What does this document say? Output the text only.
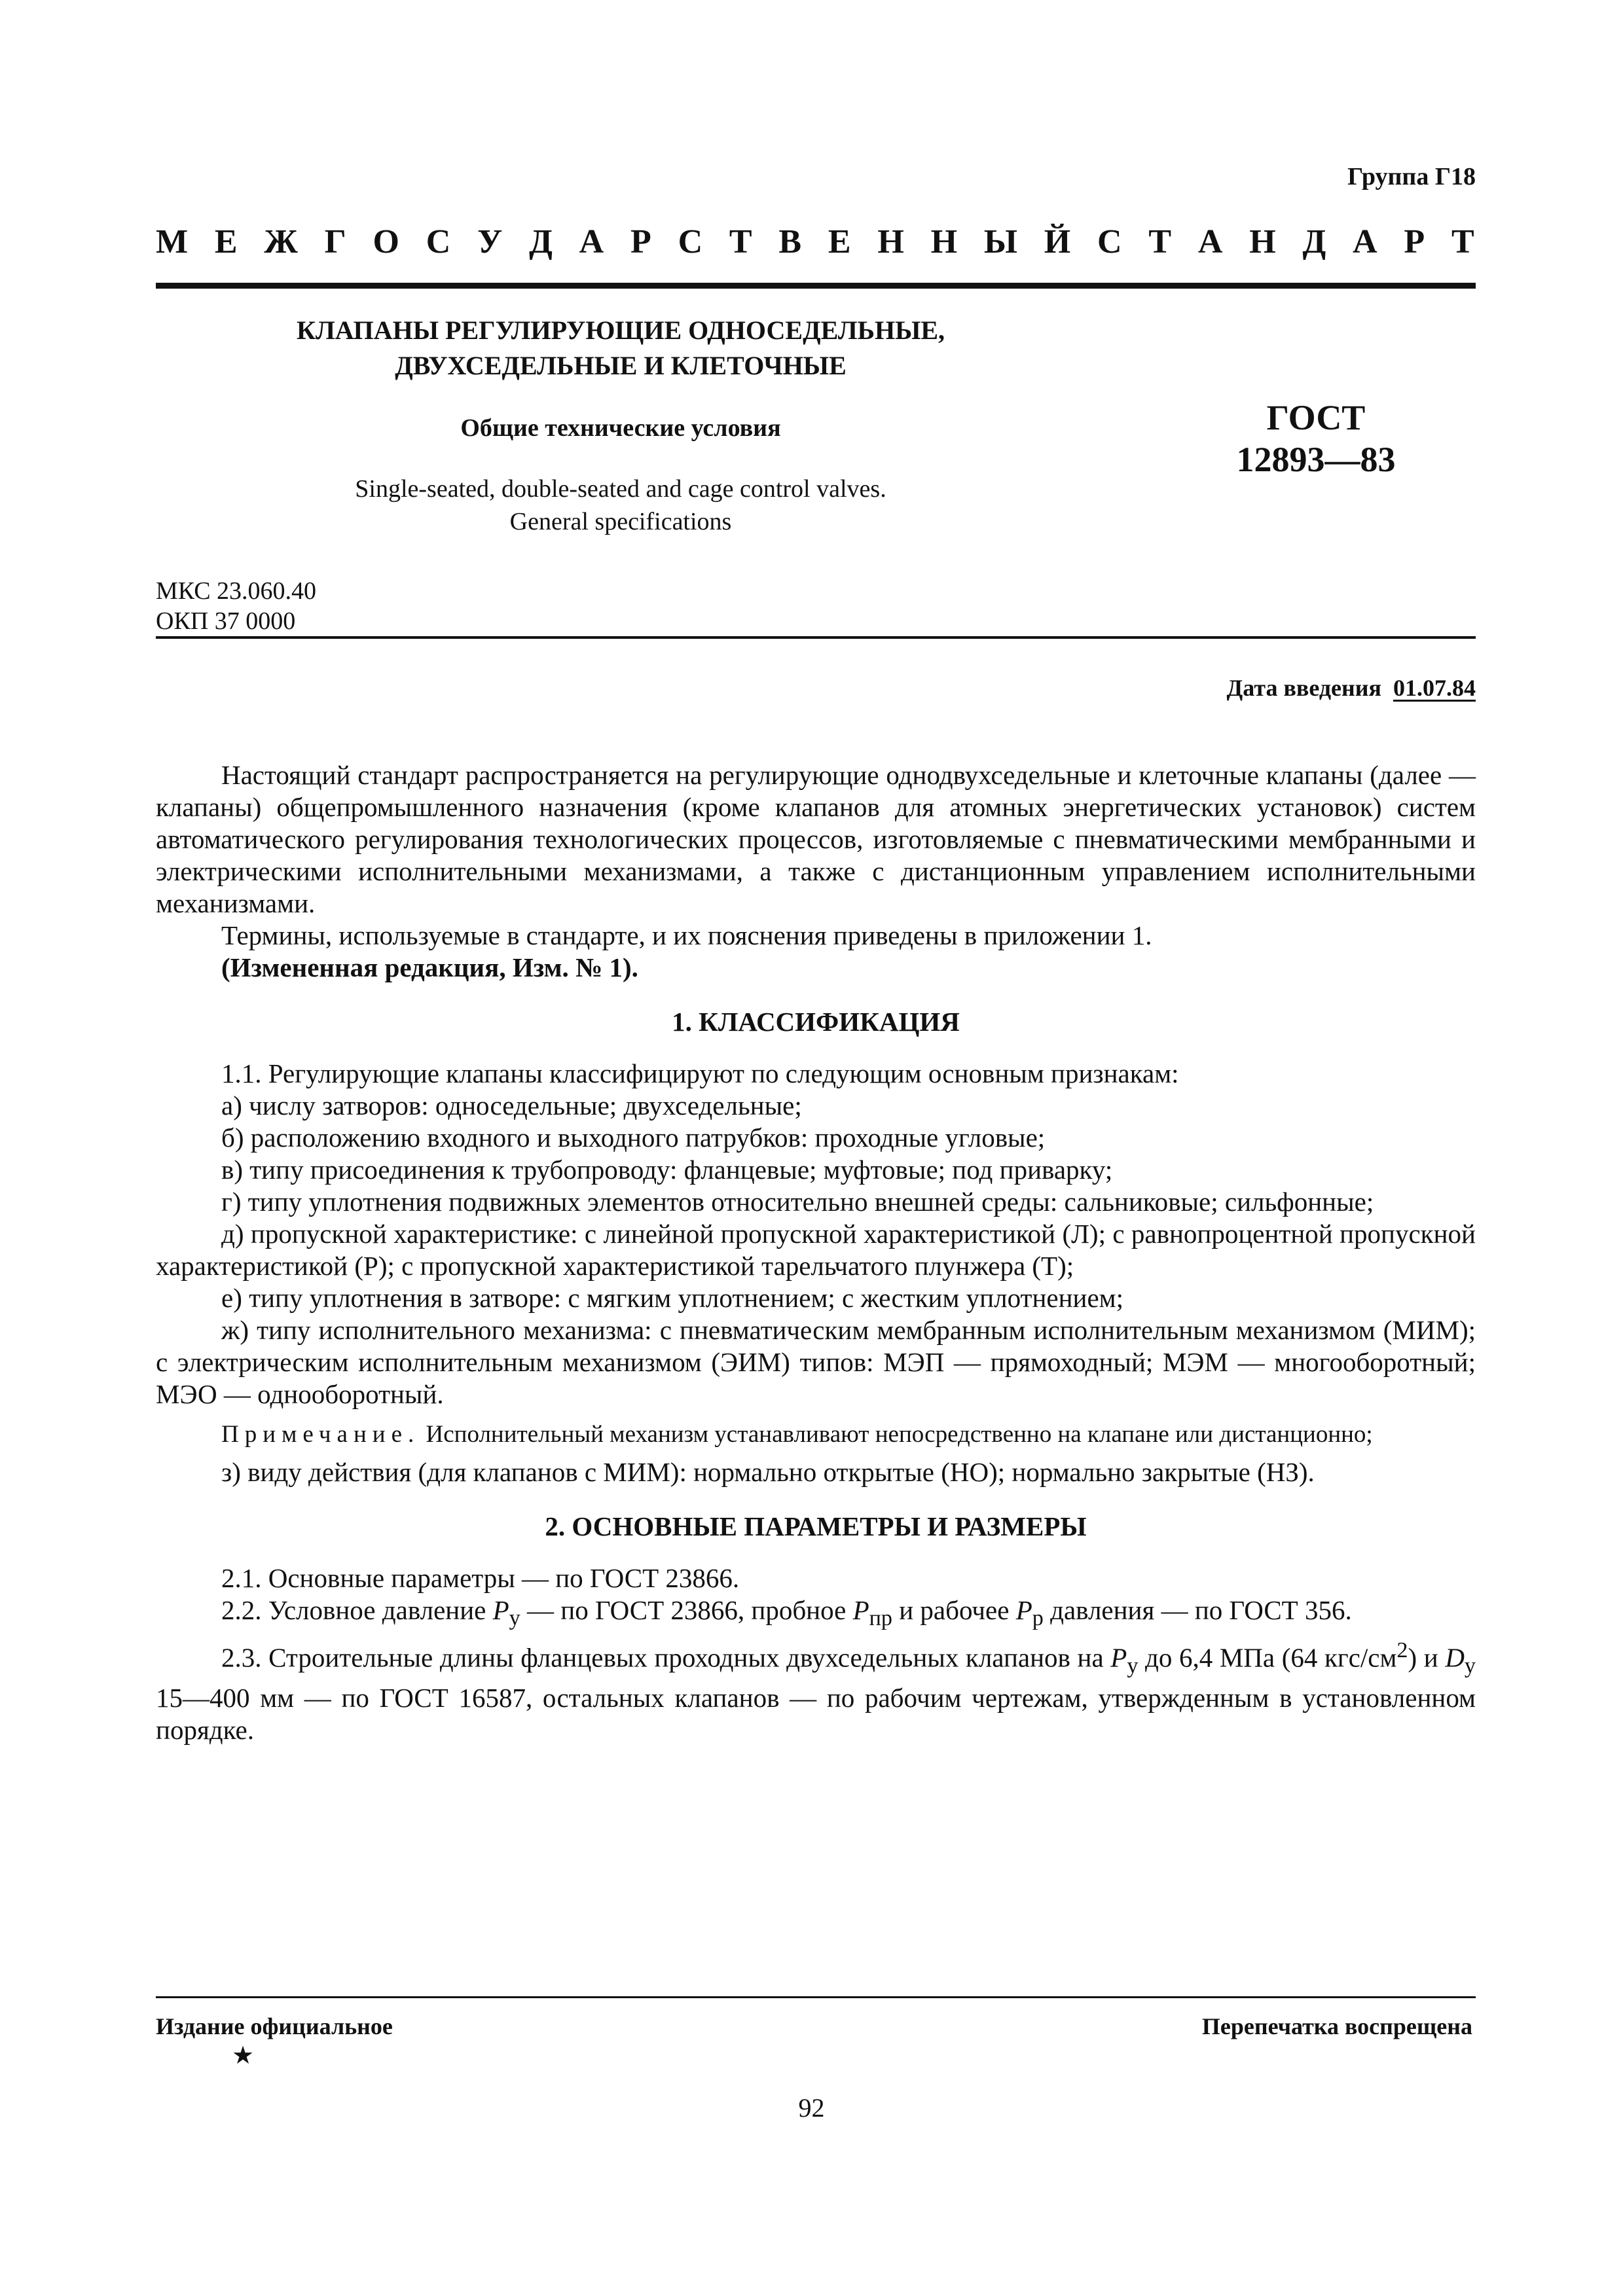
Группа Г18
М Е Ж Г О С У Д А Р С Т В Е Н Н Ы Й С Т А Н Д А Р Т
КЛАПАНЫ РЕГУЛИРУЮЩИЕ ОДНОСЕДЕЛЬНЫЕ,
ДВУХСЕДЕЛЬНЫЕ И КЛЕТОЧНЫЕ
Общие технические условия
Single-seated, double-seated and cage control valves.
General specifications
ГОСТ
12893—83
МКС 23.060.40
ОКП 37 0000
Дата введения 01.07.84

Настоящий стандарт распространяется на регулирующие однодвухседельные и клеточные клапаны (далее — клапаны) общепромышленного назначения (кроме клапанов для атомных энергетических установок) систем автоматического регулирования технологических процессов, изготовляемые с пневматическими мембранными и электрическими исполнительными механизмами, а также с дистанционным управлением исполнительными механизмами.

Термины, используемые в стандарте, и их пояснения приведены в приложении 1.

(Измененная редакция, Изм. № 1).

1. КЛАССИФИКАЦИЯ

1.1. Регулирующие клапаны классифицируют по следующим основным признакам:

а) числу затворов: односедельные; двухседельные;

б) расположению входного и выходного патрубков: проходные угловые;

в) типу присоединения к трубопроводу: фланцевые; муфтовые; под приварку;

г) типу уплотнения подвижных элементов относительно внешней среды: сальниковые; сильфонные;

д) пропускной характеристике: с линейной пропускной характеристикой (Л); с равнопроцентной пропускной характеристикой (Р); с пропускной характеристикой тарельчатого плунжера (Т);

е) типу уплотнения в затворе: с мягким уплотнением; с жестким уплотнением;

ж) типу исполнительного механизма: с пневматическим мембранным исполнительным механизмом (МИМ); с электрическим исполнительным механизмом (ЭИМ) типов: МЭП — прямоходный; МЭМ — многооборотный; МЭО — однооборотный.

Примечание. Исполнительный механизм устанавливают непосредственно на клапане или дистанционно;

з) виду действия (для клапанов с МИМ): нормально открытые (НО); нормально закрытые (НЗ).

2. ОСНОВНЫЕ ПАРАМЕТРЫ И РАЗМЕРЫ

2.1. Основные параметры — по ГОСТ 23866.

2.2. Условное давление $P_у$ — по ГОСТ 23866, пробное $P_{пр}$ и рабочее $P_р$ давления — по ГОСТ 356.

2.3. Строительные длины фланцевых проходных двухседельных клапанов на $P_у$ до 6,4 МПа (64 кгс/$см^2$) и $D_у$ 15—400 мм — по ГОСТ 16587, остальных клапанов — по рабочим чертежам, утвержденным в установленном порядке.

Издание официальное	Перепечатка воспрещена
★
92
